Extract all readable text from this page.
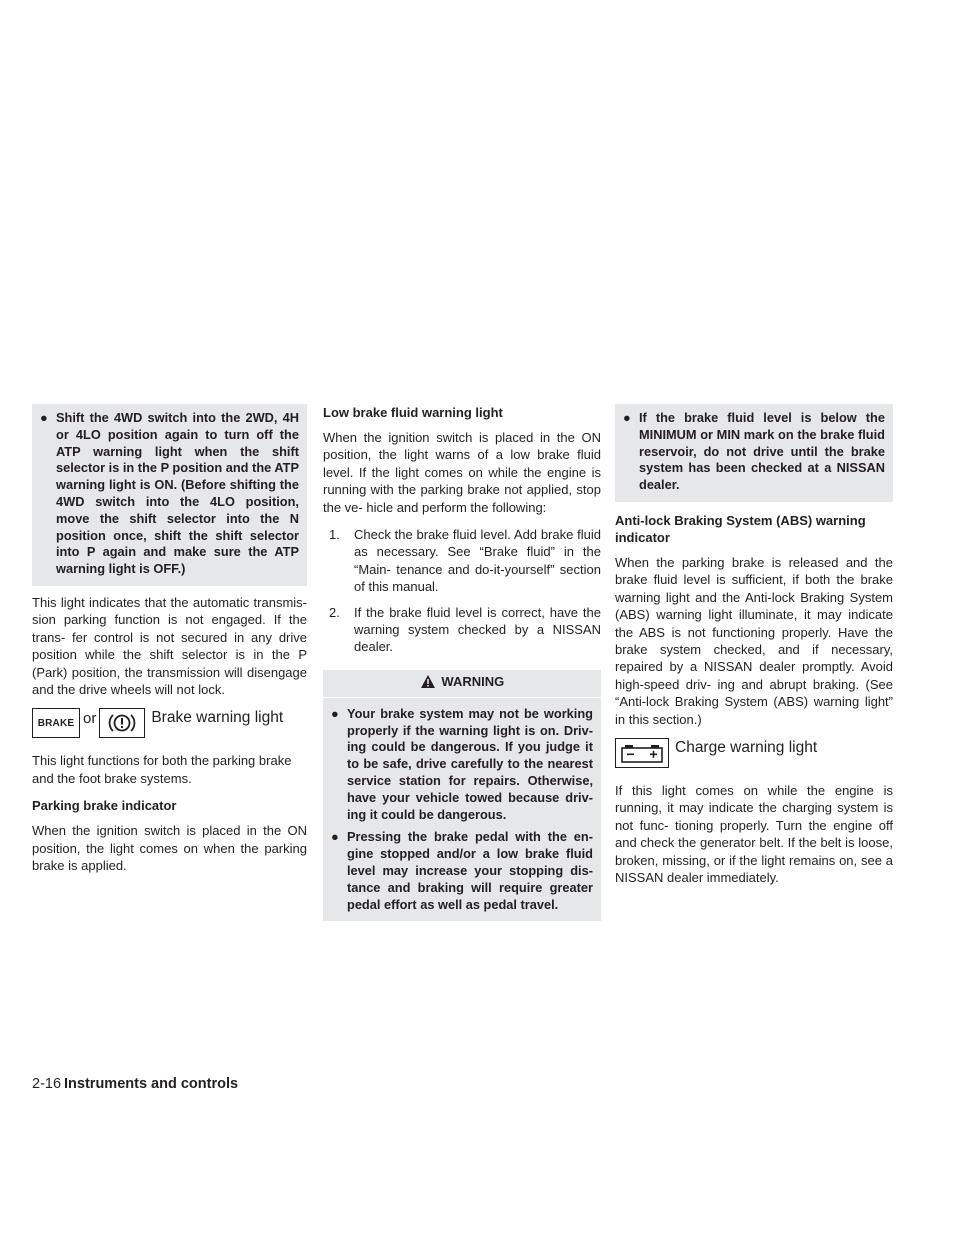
● Shift the 4WD switch into the 2WD, 4H or 4LO position again to turn off the ATP warning light when the shift selector is in the P position and the ATP warning light is ON. (Before shifting the 4WD switch into the 4LO position, move the shift selector into the N position once, shift the shift selector into P again and make sure the ATP warning light is OFF.)

This light indicates that the automatic transmis- sion parking function is not engaged. If the trans- fer control is not secured in any drive position while the shift selector is in the P (Park) position, the transmission will disengage and the drive wheels will not lock.

BRAKE or	Brake warning light

This light functions for both the parking brake and the foot brake systems.

Parking brake indicator

When the ignition switch is placed in the ON position, the light comes on when the parking brake is applied.

Low brake fluid warning light

When the ignition switch is placed in the ON position, the light warns of a low brake fluid level. If the light comes on while the engine is running with the parking brake not applied, stop the ve- hicle and perform the following:

1. Check the brake fluid level. Add brake fluid as necessary. See “Brake fluid” in the “Main- tenance and do-it-yourself” section of this manual.
2. If the brake fluid level is correct, have the warning system checked by a NISSAN dealer.
WARNING
● Your brake system may not be working properly if the warning light is on. Driv- ing could be dangerous. If you judge it to be safe, drive carefully to the nearest service station for repairs. Otherwise, have your vehicle towed because driv- ing it could be dangerous.
● Pressing the brake pedal with the en- gine stopped and/or a low brake fluid level may increase your stopping dis- tance and braking will require greater pedal effort as well as pedal travel.
● If the brake fluid level is below the MINIMUM or MIN mark on the brake fluid reservoir, do not drive until the brake system has been checked at a NISSAN dealer.
Anti-lock Braking System (ABS) warning indicator

When the parking brake is released and the brake fluid level is sufficient, if both the brake warning light and the Anti-lock Braking System (ABS) warning light illuminate, it may indicate the ABS is not functioning properly. Have the brake system checked, and if necessary, repaired by a NISSAN dealer promptly. Avoid high-speed driv- ing and abrupt braking. (See “Anti-lock Braking System (ABS) warning light” in this section.)

Charge warning light

If this light comes on while the engine is running, it may indicate the charging system is not func- tioning properly. Turn the engine off and check the generator belt. If the belt is loose, broken, missing, or if the light remains on, see a NISSAN dealer immediately.

2-16 Instruments and controls
